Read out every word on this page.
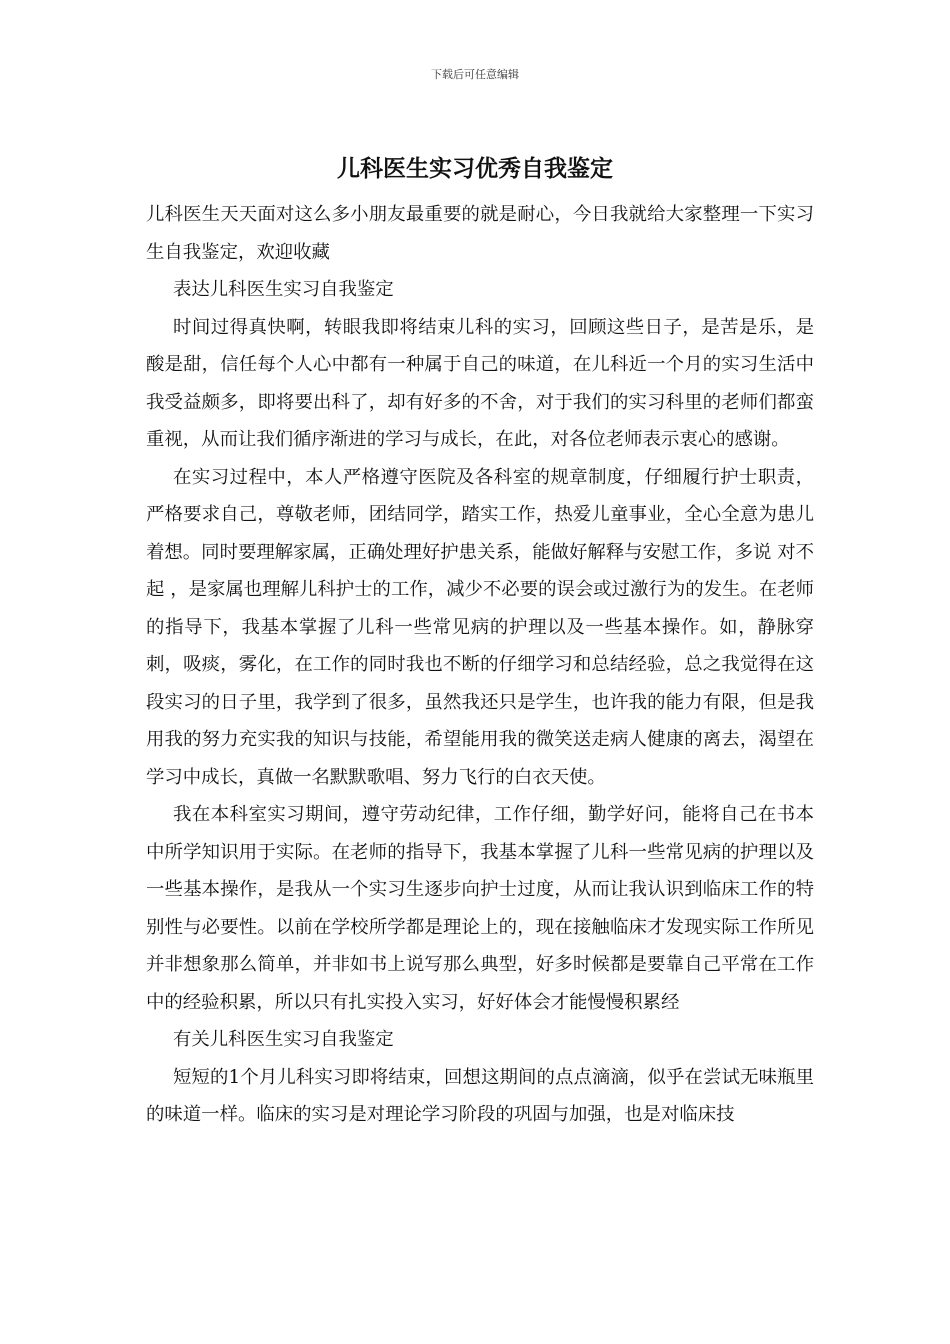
下载后可任意编辑
儿科医生实习优秀自我鉴定

儿科医生天天面对这么多小朋友最重要的就是耐心，今日我就给大家整理一下实习生自我鉴定，欢迎收藏

表达儿科医生实习自我鉴定

时间过得真快啊，转眼我即将结束儿科的实习，回顾这些日子，是苦是乐，是酸是甜，信任每个人心中都有一种属于自己的味道，在儿科近一个月的实习生活中我受益颇多，即将要出科了，却有好多的不舍，对于我们的实习科里的老师们都蛮重视，从而让我们循序渐进的学习与成长，在此，对各位老师表示衷心的感谢。

在实习过程中，本人严格遵守医院及各科室的规章制度，仔细履行护士职责，严格要求自己，尊敬老师，团结同学，踏实工作，热爱儿童事业，全心全意为患儿着想。同时要理解家属，正确处理好护患关系，能做好解释与安慰工作，多说 对不起 ，是家属也理解儿科护士的工作，减少不必要的误会或过激行为的发生。在老师的指导下，我基本掌握了儿科一些常见病的护理以及一些基本操作。如，静脉穿刺，吸痰，雾化，在工作的同时我也不断的仔细学习和总结经验，总之我觉得在这段实习的日子里，我学到了很多，虽然我还只是学生，也许我的能力有限，但是我用我的努力充实我的知识与技能，希望能用我的微笑送走病人健康的离去，渴望在学习中成长，真做一名默默歌唱、努力飞行的白衣天使。

我在本科室实习期间，遵守劳动纪律，工作仔细，勤学好问，能将自己在书本中所学知识用于实际。在老师的指导下，我基本掌握了儿科一些常见病的护理以及一些基本操作，是我从一个实习生逐步向护士过度，从而让我认识到临床工作的特别性与必要性。以前在学校所学都是理论上的，现在接触临床才发现实际工作所见并非想象那么简单，并非如书上说写那么典型，好多时候都是要靠自己平常在工作中的经验积累，所以只有扎实投入实习，好好体会才能慢慢积累经

有关儿科医生实习自我鉴定

短短的1个月儿科实习即将结束，回想这期间的点点滴滴，似乎在尝试无味瓶里的味道一样。临床的实习是对理论学习阶段的巩固与加强，也是对临床技
